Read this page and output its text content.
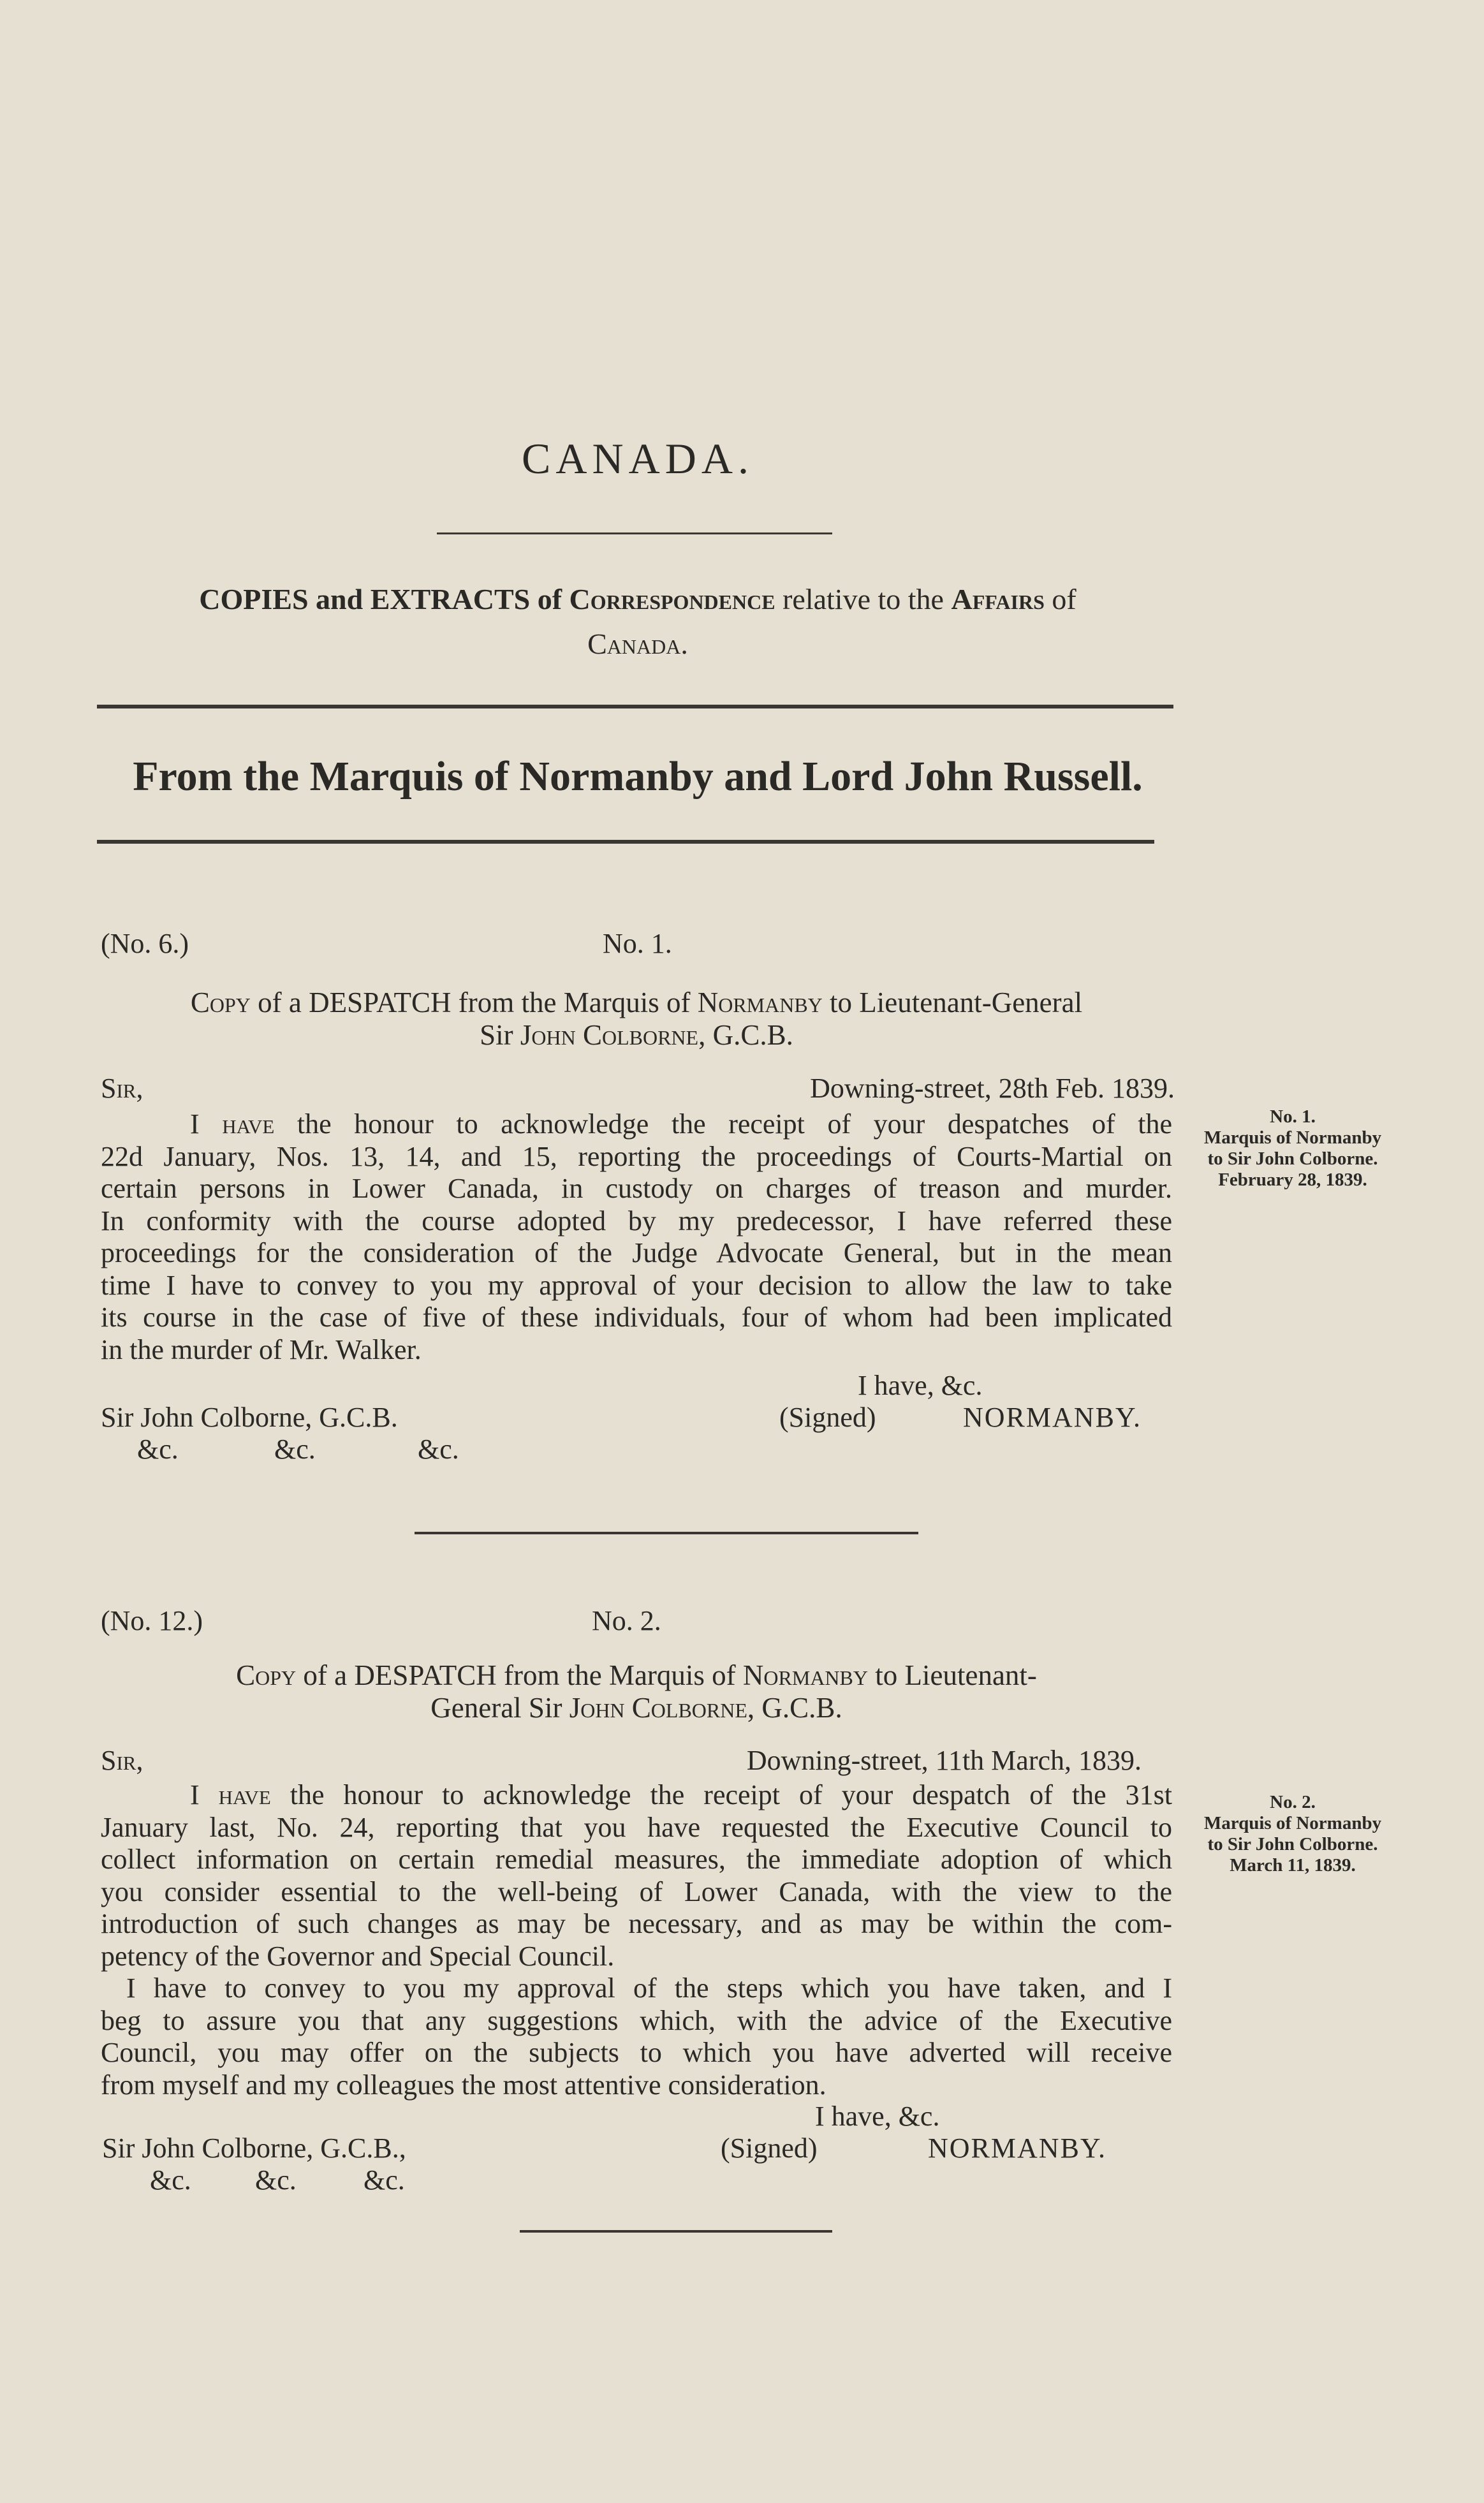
CANADA.
COPIES and EXTRACTS of Correspondence relative to the Affairs of
Canada.
From the Marquis of Normanby and Lord John Russell.
(No. 6.)	No. 1.
Copy of a DESPATCH from the Marquis of Normanby to Lieutenant-General
Sir John Colborne, G.C.B.
Sir,	Downing-street, 28th Feb. 1839.
I have the honour to acknowledge the receipt of your despatches of the
22d January, Nos. 13, 14, and 15, reporting the proceedings of Courts-Martial on
certain persons in Lower Canada, in custody on charges of treason and murder.
In conformity with the course adopted by my predecessor, I have referred these
proceedings for the consideration of the Judge Advocate General, but in the mean
time I have to convey to you my approval of your decision to allow the law to take
its course in the case of five of these individuals, four of whom had been implicated
in the murder of Mr. Walker.
I have, &c.
Sir John Colborne, G.C.B.	(Signed)	NORMANBY.
&c.	&c.	&c.
No. 1.
Marquis of Normanby
to Sir John Colborne.
February 28, 1839.
(No. 12.)	No. 2.
Copy of a DESPATCH from the Marquis of Normanby to Lieutenant-
General Sir John Colborne, G.C.B.
Sir,	Downing-street, 11th March, 1839.
I have the honour to acknowledge the receipt of your despatch of the 31st
January last, No. 24, reporting that you have requested the Executive Council to
collect information on certain remedial measures, the immediate adoption of which
you consider essential to the well-being of Lower Canada, with the view to the
introduction of such changes as may be necessary, and as may be within the com-
petency of the Governor and Special Council.
I have to convey to you my approval of the steps which you have taken, and I
beg to assure you that any suggestions which, with the advice of the Executive
Council, you may offer on the subjects to which you have adverted will receive
from myself and my colleagues the most attentive consideration.
I have, &c.
Sir John Colborne, G.C.B.,	(Signed)	NORMANBY.
&c. &c. &c.
No. 2.
Marquis of Normanby
to Sir John Colborne.
March 11, 1839.
